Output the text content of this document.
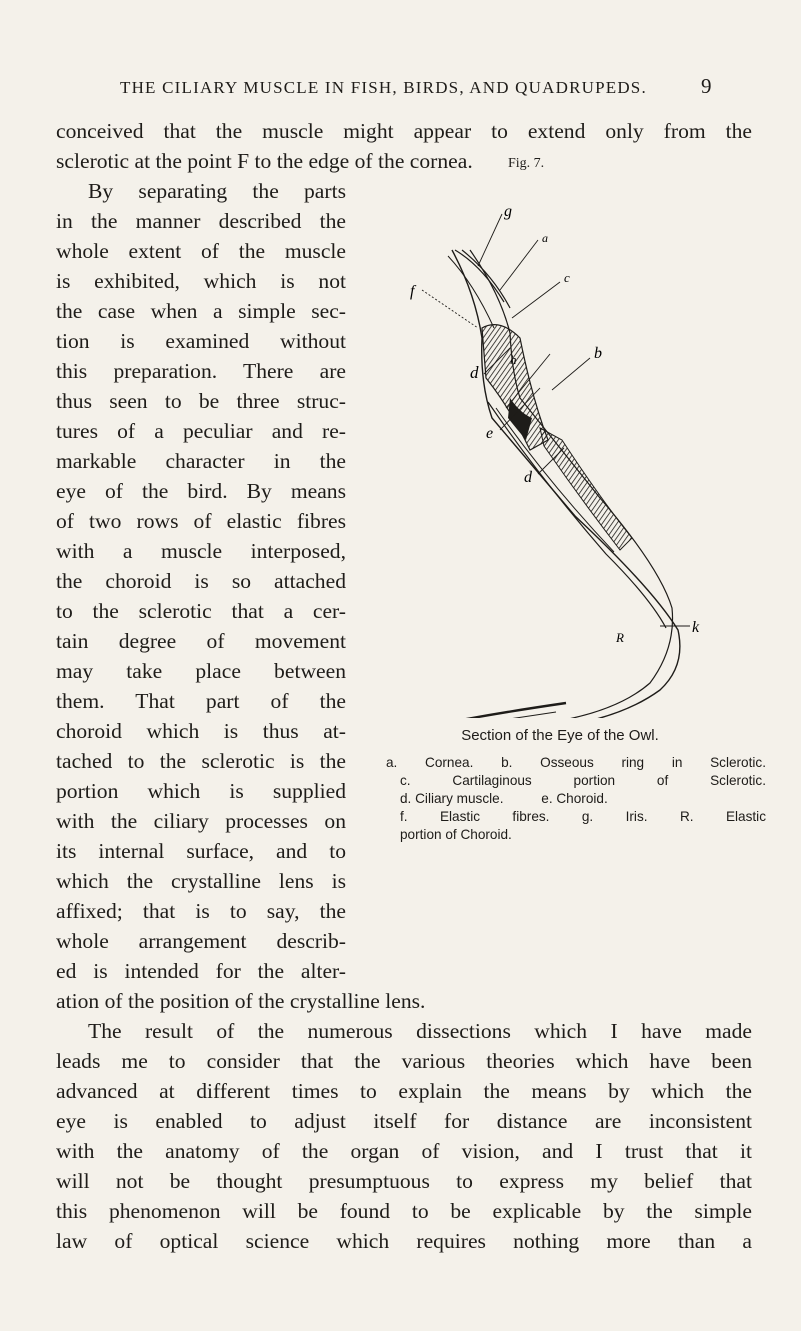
THE CILIARY MUSCLE IN FISH, BIRDS, AND QUADRUPEDS.	9
conceived that the muscle might appear to extend only from the
sclerotic at the point F to the edge of the cornea.
By separating the parts
in the manner described the
whole extent of the muscle
is exhibited, which is not
the case when a simple sec-
tion is examined without
this preparation. There are
thus seen to be three struc-
tures of a peculiar and re-
markable character in the
eye of the bird. By means
of two rows of elastic fibres
with a muscle interposed,
the choroid is so attached
to the sclerotic that a cer-
tain degree of movement
may take place between
them. That part of the
choroid which is thus at-
tached to the sclerotic is the
portion which is supplied
with the ciliary processes on
its internal surface, and to
which the crystalline lens is
affixed; that is to say, the
whole arrangement describ-
ed is intended for the alter-
ation of the position of the crystalline lens.
The result of the numerous dissections which I have made
leads me to consider that the various theories which have been
advanced at different times to explain the means by which the
eye is enabled to adjust itself for distance are inconsistent
with the anatomy of the organ of vision, and I trust that it
will not be thought presumptuous to express my belief that
this phenomenon will be found to be explicable by the simple
law of optical science which requires nothing more than a
Fig. 7.
g
a
c
b
f
h
d
e
d
k
R
Section of the Eye of the Owl.
a. Cornea. b. Osseous ring in Sclerotic.
c. Cartilaginous portion of Sclerotic.
d. Ciliary muscle.          e. Choroid.
f. Elastic fibres. g. Iris. R. Elastic
portion of Choroid.
